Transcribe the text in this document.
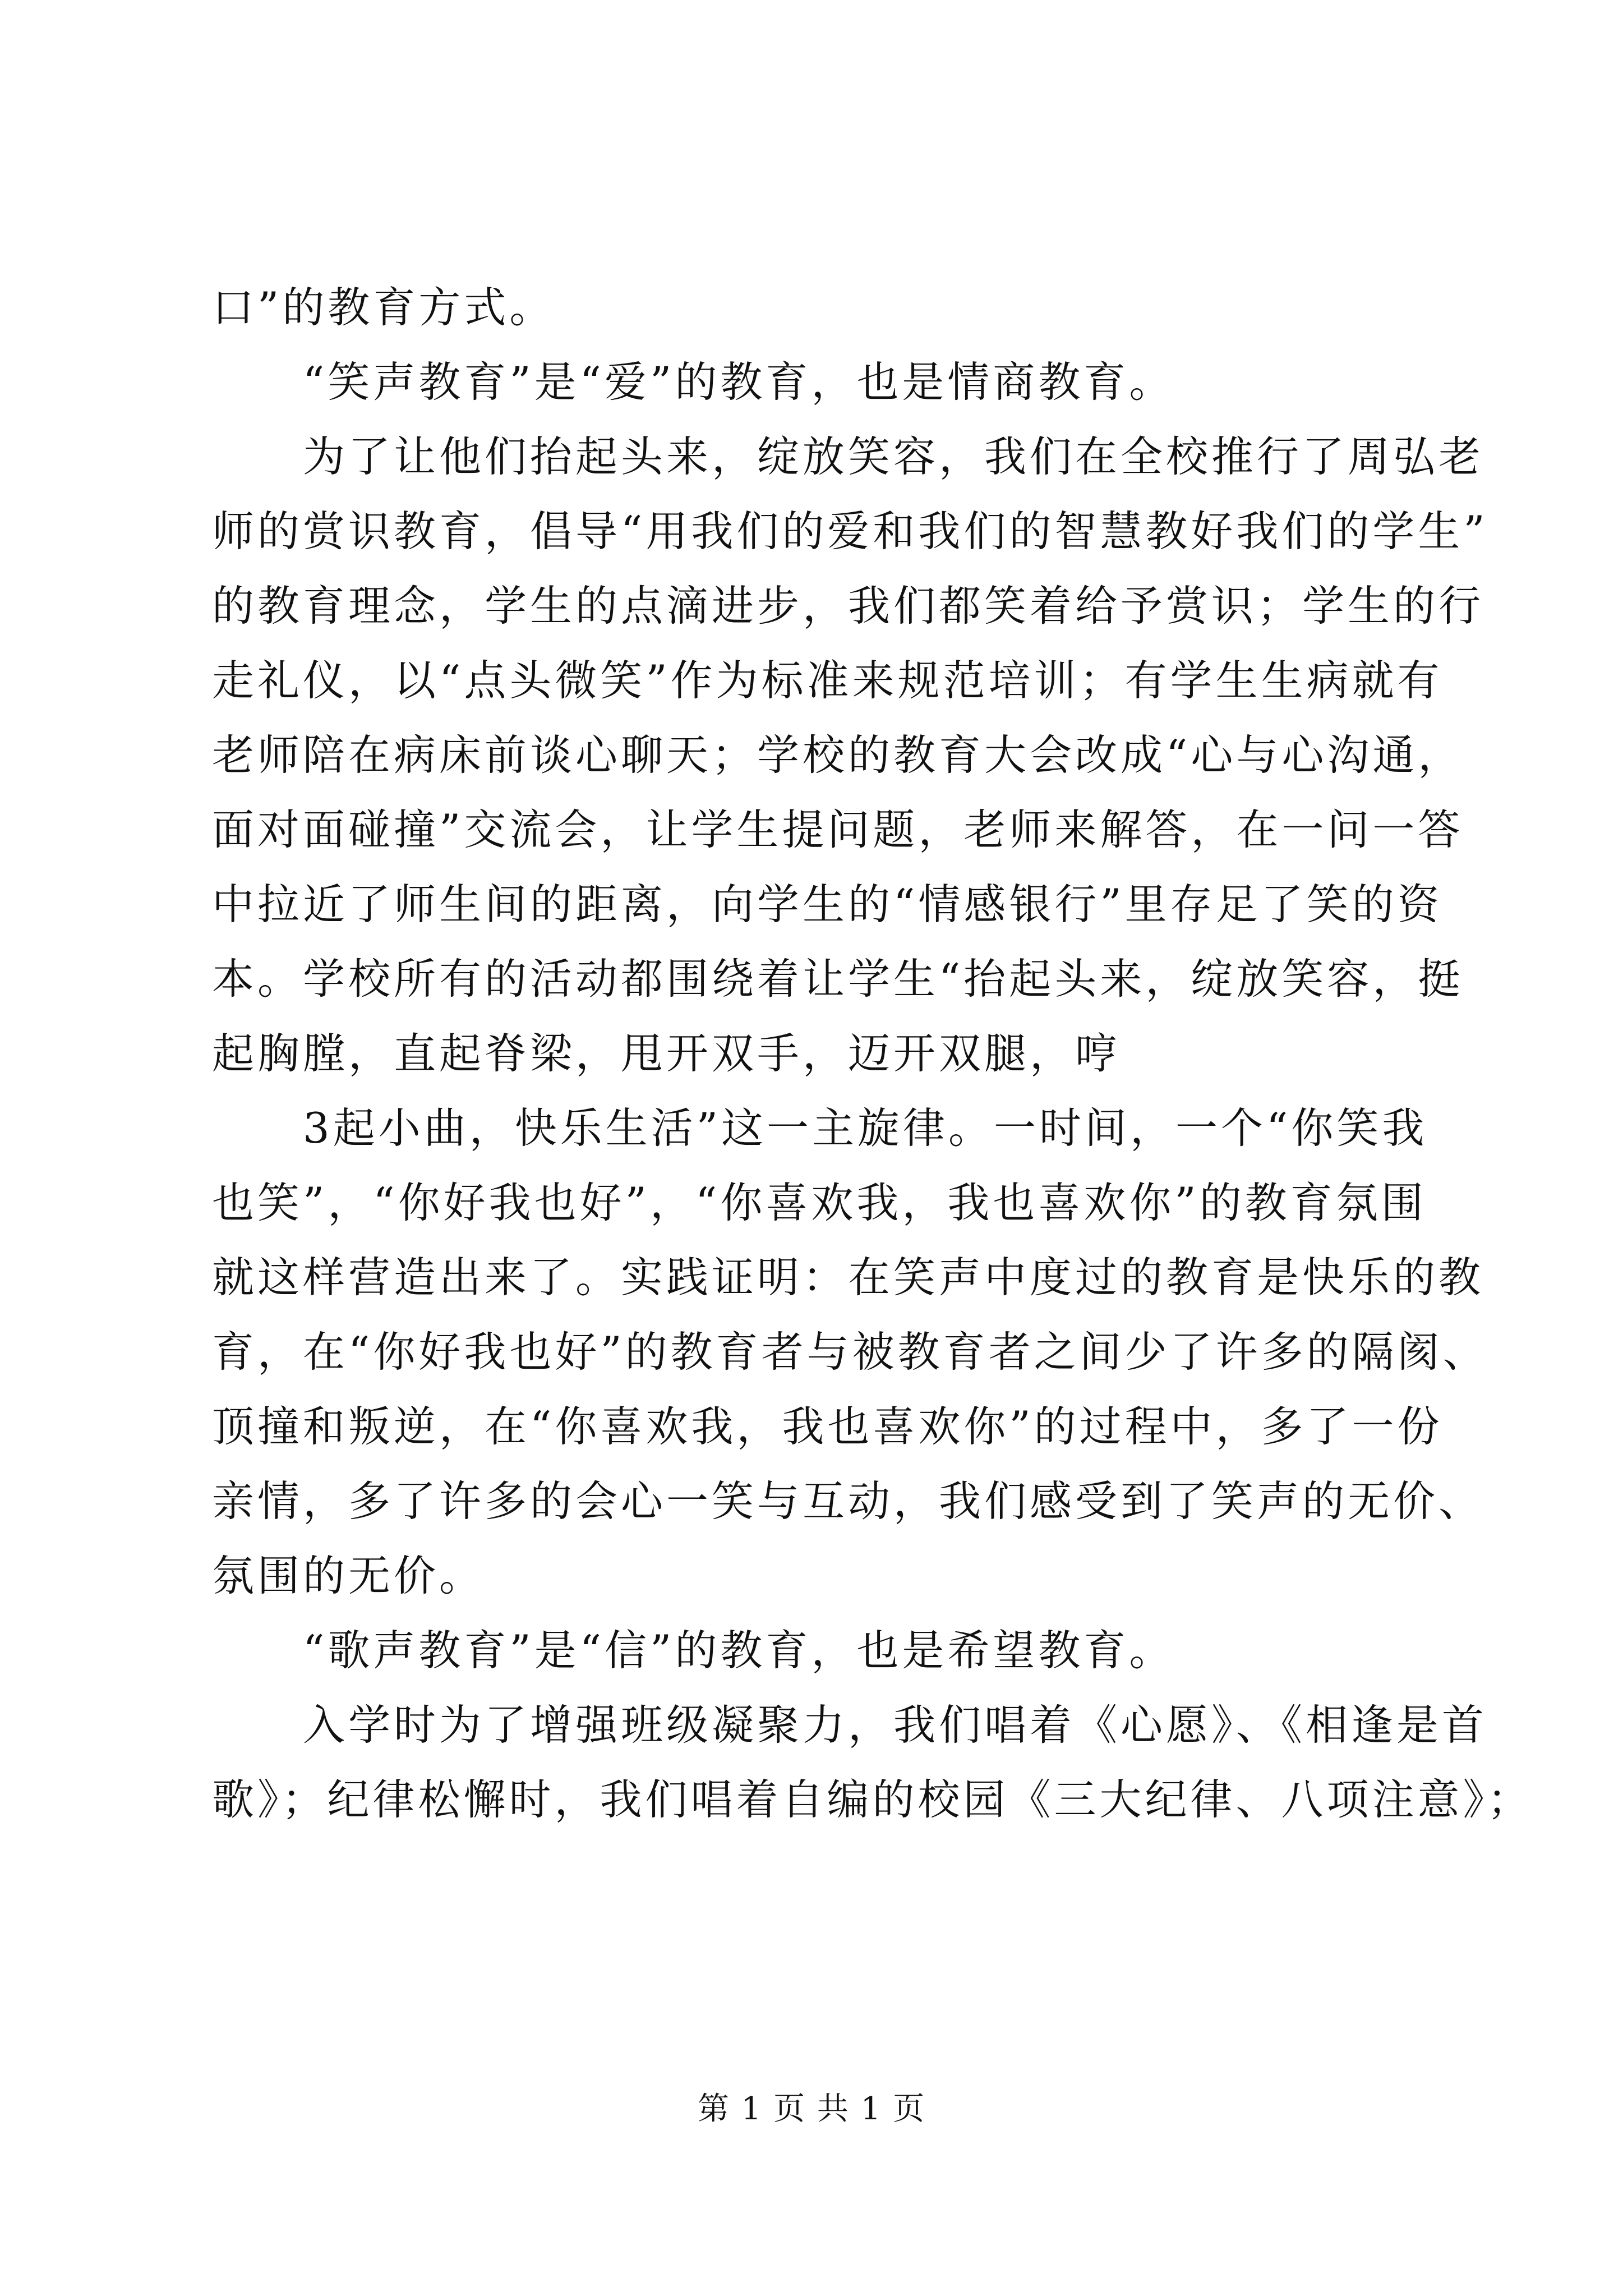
口”的教育方式。
“笑声教育”是“爱”的教育，也是情商教育。
为了让他们抬起头来，绽放笑容，我们在全校推行了周弘老
师的赏识教育，倡导“用我们的爱和我们的智慧教好我们的学生”
的教育理念，学生的点滴进步，我们都笑着给予赏识；学生的行
走礼仪，以“点头微笑”作为标准来规范培训；有学生生病就有
老师陪在病床前谈心聊天；学校的教育大会改成“心与心沟通，
面对面碰撞”交流会，让学生提问题，老师来解答，在一问一答
中拉近了师生间的距离，向学生的“情感银行”里存足了笑的资
本。学校所有的活动都围绕着让学生“抬起头来，绽放笑容，挺
起胸膛，直起脊梁，甩开双手，迈开双腿，哼
3起小曲，快乐生活”这一主旋律。一时间，一个“你笑我
也笑”，“你好我也好”，“你喜欢我，我也喜欢你”的教育氛围
就这样营造出来了。实践证明：在笑声中度过的教育是快乐的教
育，在“你好我也好”的教育者与被教育者之间少了许多的隔阂、
顶撞和叛逆，在“你喜欢我，我也喜欢你”的过程中，多了一份
亲情，多了许多的会心一笑与互动，我们感受到了笑声的无价、
氛围的无价。
“歌声教育”是“信”的教育，也是希望教育。
入学时为了增强班级凝聚力，我们唱着《心愿》、《相逢是首
歌》；纪律松懈时，我们唱着自编的校园《三大纪律、八项注意》；
第 1 页 共 1 页
